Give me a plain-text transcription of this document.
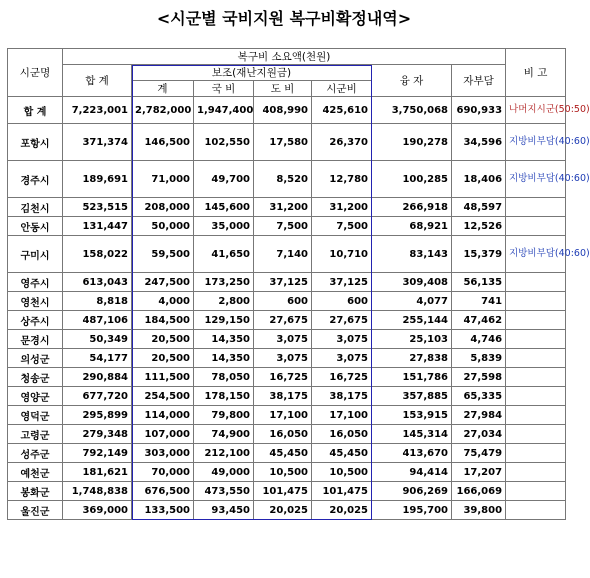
<시군별 국비지원 복구비확정내역>
시군명	복구비 소요액(천원)							비 고
	합 계	보조(재난지원금)				융 자	자부담	
		계	국 비	도 비	시군비			
합 계	7,223,001	2,782,000	1,947,400	408,990	425,610	3,750,068	690,933	나머지시군(50:50)
포항시	371,374	146,500	102,550	17,580	26,370	190,278	34,596	지방비부담(40:60)
경주시	189,691	71,000	49,700	8,520	12,780	100,285	18,406	지방비부담(40:60)
김천시	523,515	208,000	145,600	31,200	31,200	266,918	48,597	
안동시	131,447	50,000	35,000	7,500	7,500	68,921	12,526	
구미시	158,022	59,500	41,650	7,140	10,710	83,143	15,379	지방비부담(40:60)
영주시	613,043	247,500	173,250	37,125	37,125	309,408	56,135	
영천시	8,818	4,000	2,800	600	600	4,077	741	
상주시	487,106	184,500	129,150	27,675	27,675	255,144	47,462	
문경시	50,349	20,500	14,350	3,075	3,075	25,103	4,746	
의성군	54,177	20,500	14,350	3,075	3,075	27,838	5,839	
청송군	290,884	111,500	78,050	16,725	16,725	151,786	27,598	
영양군	677,720	254,500	178,150	38,175	38,175	357,885	65,335	
영덕군	295,899	114,000	79,800	17,100	17,100	153,915	27,984	
고령군	279,348	107,000	74,900	16,050	16,050	145,314	27,034	
성주군	792,149	303,000	212,100	45,450	45,450	413,670	75,479	
예천군	181,621	70,000	49,000	10,500	10,500	94,414	17,207	
봉화군	1,748,838	676,500	473,550	101,475	101,475	906,269	166,069	
울진군	369,000	133,500	93,450	20,025	20,025	195,700	39,800	
